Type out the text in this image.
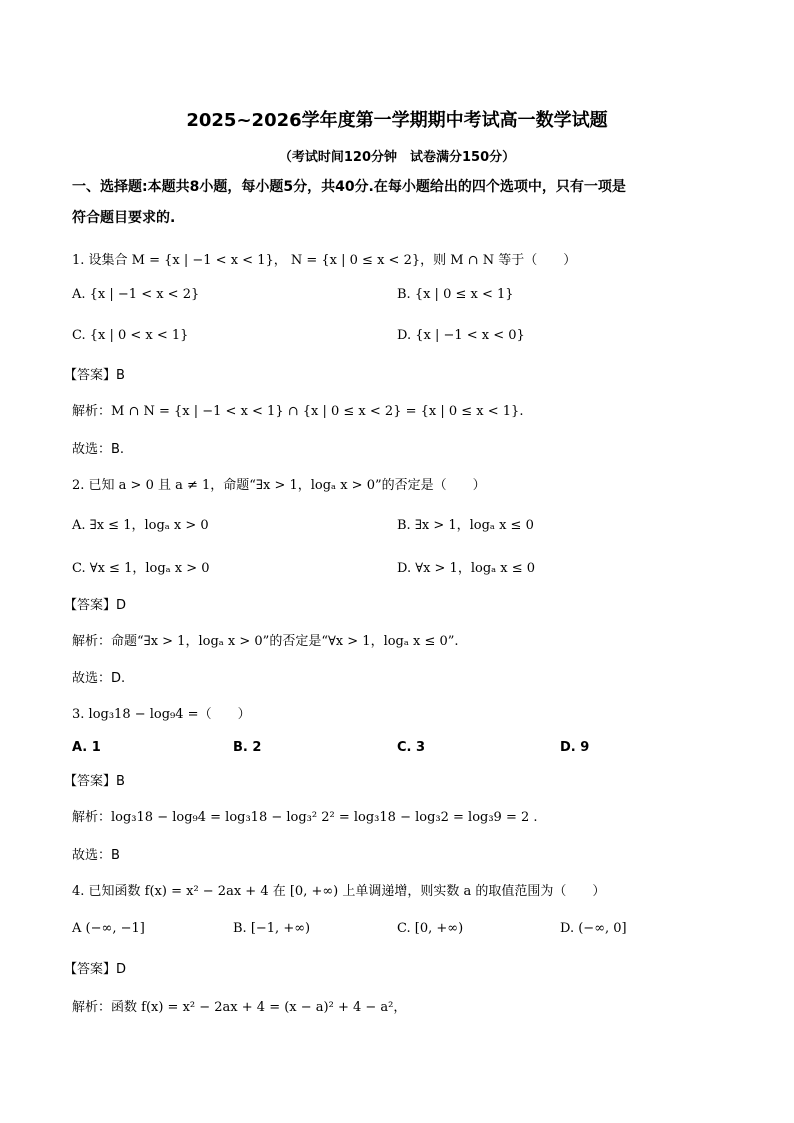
2025~2026学年度第一学期期中考试高一数学试题
（考试时间120分钟　试卷满分150分）
一、选择题:本题共8小题，每小题5分，共40分.在每小题给出的四个选项中，只有一项是
符合题目要求的.
1. 设集合 M = {x | −1 < x < 1}， N = {x | 0 ≤ x < 2}，则 M ∩ N 等于（　　）
A. {x | −1 < x < 2}	B. {x | 0 ≤ x < 1}
C. {x | 0 < x < 1}	D. {x | −1 < x < 0}
【答案】B
解析：M ∩ N = {x | −1 < x < 1} ∩ {x | 0 ≤ x < 2} = {x | 0 ≤ x < 1}.
故选：B.
2. 已知 a > 0 且 a ≠ 1，命题“∃x > 1，logₐ x > 0”的否定是（　　）
A. ∃x ≤ 1，logₐ x > 0	B. ∃x > 1，logₐ x ≤ 0
C. ∀x ≤ 1，logₐ x > 0	D. ∀x > 1，logₐ x ≤ 0
【答案】D
解析：命题“∃x > 1，logₐ x > 0”的否定是“∀x > 1，logₐ x ≤ 0”.
故选：D.
3. log₃18 − log₉4 =（　　）
A. 1	B. 2	C. 3	D. 9
【答案】B
解析：log₃18 − log₉4 = log₃18 − log₃² 2² = log₃18 − log₃2 = log₃9 = 2 .
故选：B
4. 已知函数 f(x) = x² − 2ax + 4 在 [0, +∞) 上单调递增，则实数 a 的取值范围为（　　）
A (−∞, −1]	B. [−1, +∞)	C. [0, +∞)	D. (−∞, 0]
【答案】D
解析：函数 f(x) = x² − 2ax + 4 = (x − a)² + 4 − a²，
